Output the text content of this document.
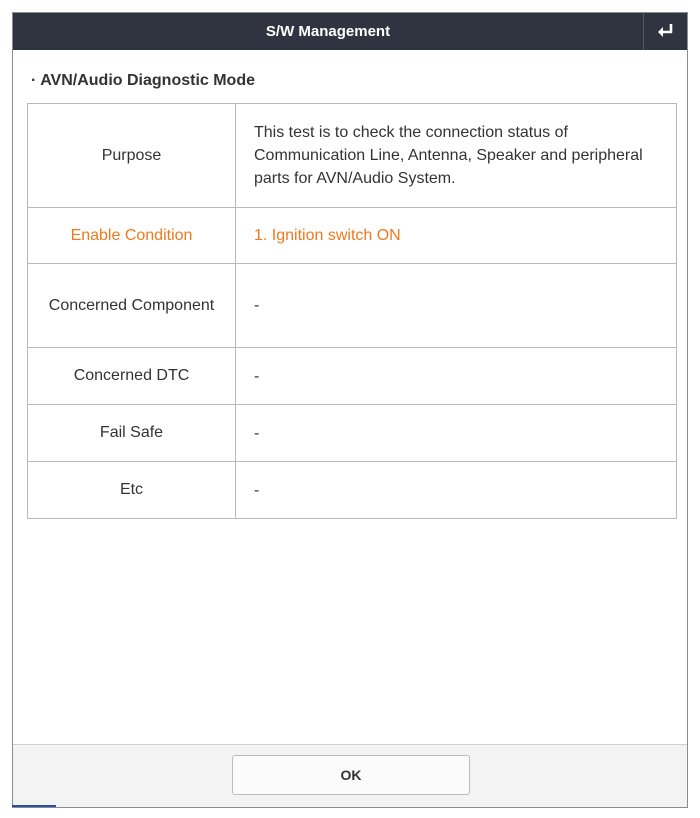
S/W Management
· AVN/Audio Diagnostic Mode
Purpose	This test is to check the connection status of Communication Line, Antenna, Speaker and peripheral parts for AVN/Audio System.
Enable Condition	1. Ignition switch ON
Concerned Component	-
Concerned DTC	-
Fail Safe	-
Etc	-
OK
